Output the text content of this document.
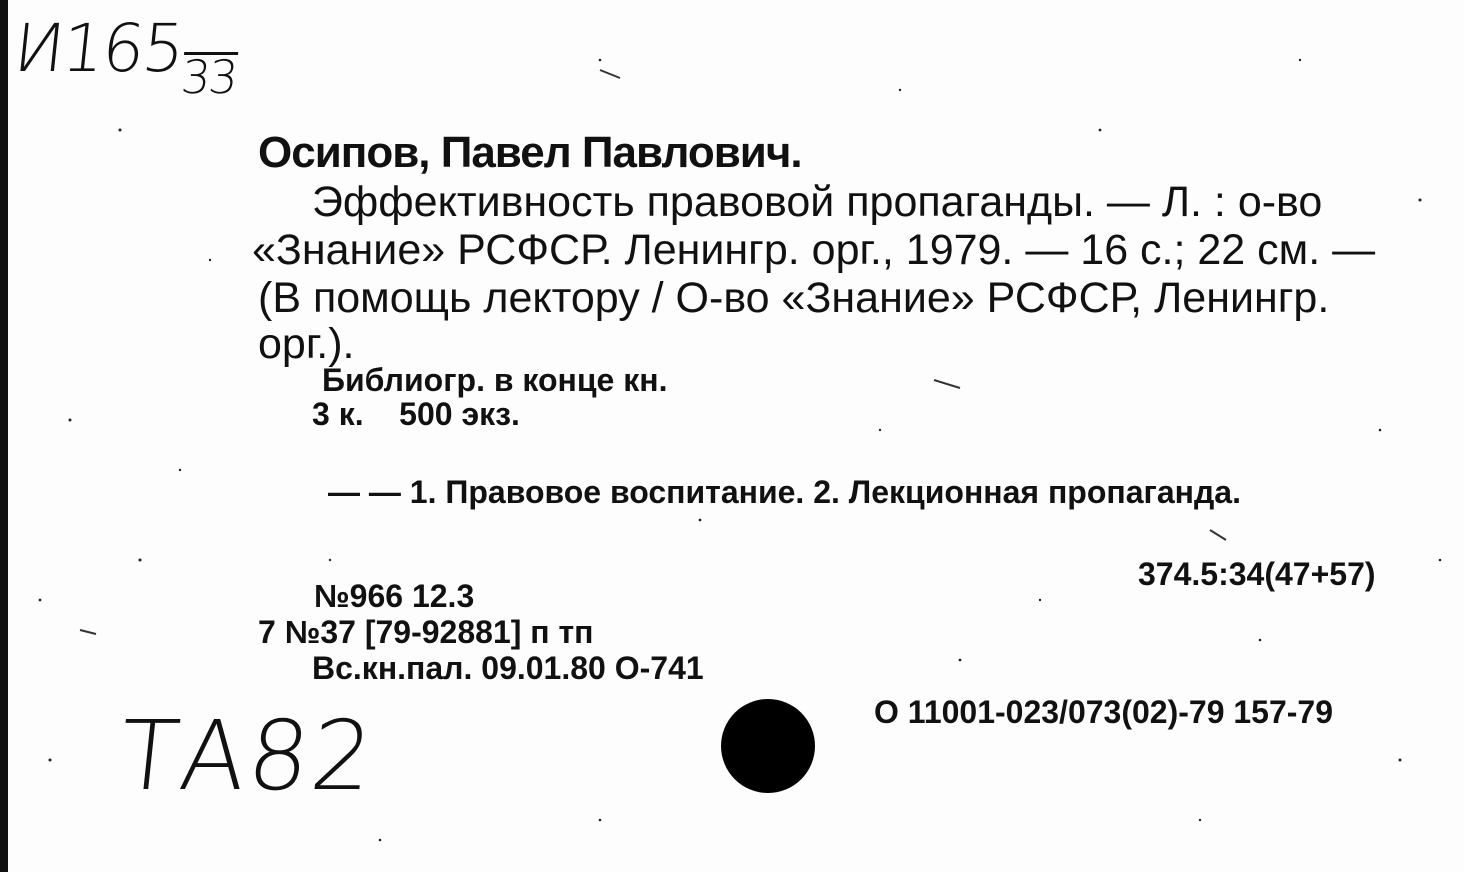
И16533
Осипов, Павел Павлович.
Эффективность правовой пропаганды. — Л. : о-во
«Знание» РСФСР. Ленингр. орг., 1979. — 16 с.; 22 см. —
(В помощь лектору / О-во «Знание» РСФСР, Ленингр.
орг.).
Библиогр. в конце кн.
3 к.    500 экз.
— — 1. Правовое воспитание. 2. Лекционная пропаганда.
374.5:34(47+57)
№966 12.3
7 №37 [79-92881] п тп
Вс.кн.пал. 09.01.80 О-741
О 11001-023/073(02)-79 157-79
ТА82
